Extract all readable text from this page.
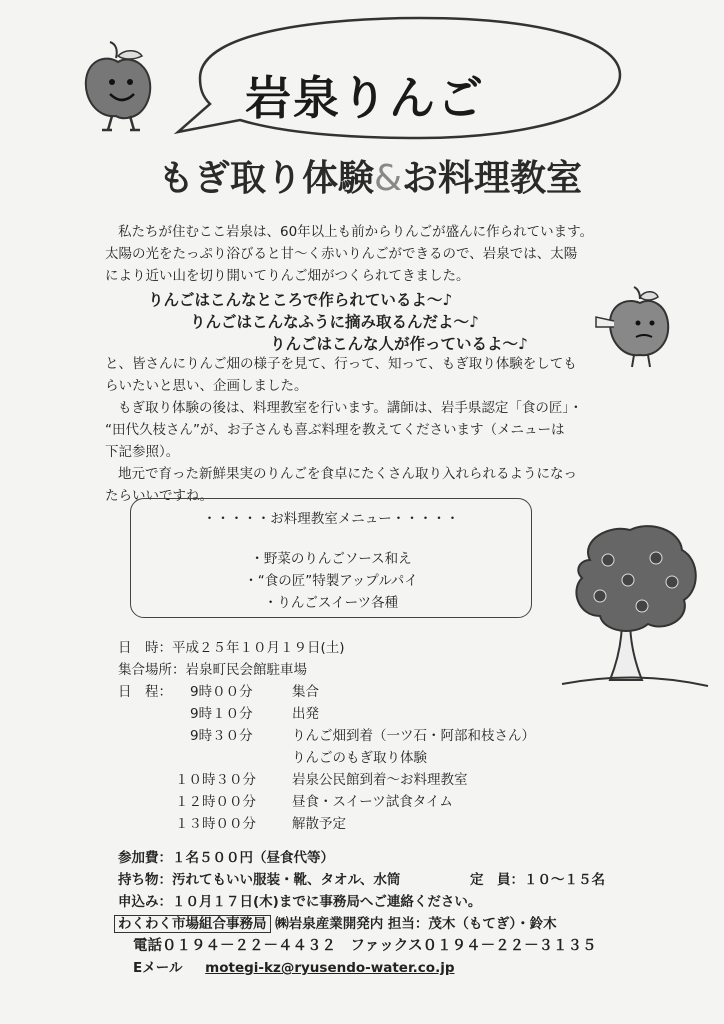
岩泉りんご
もぎ取り体験&お料理教室
私たちが住むここ岩泉は、60年以上も前からりんごが盛んに作られています。
太陽の光をたっぷり浴びると甘～く赤いりんごができるので、岩泉では、太陽
により近い山を切り開いてりんご畑がつくられてきました。
りんごはこんなところで作られているよ～♪
りんごはこんなふうに摘み取るんだよ～♪
りんごはこんな人が作っているよ～♪
と、皆さんにりんご畑の様子を見て、行って、知って、もぎ取り体験をしても
らいたいと思い、企画しました。
もぎ取り体験の後は、料理教室を行います。講師は、岩手県認定「食の匠」・
“田代久枝さん”が、お子さんも喜ぶ料理を教えてくださいます（メニューは
下記参照）。
地元で育った新鮮果実のりんごを食卓にたくさん取り入れられるようになっ
たらいいですね。
・・・・・お料理教室メニュー・・・・・
・野菜のりんごソース和え
・“食の匠”特製アップルパイ
・りんごスイーツ各種
日　時：平成２５年１０月１９日(土)
集合場所：岩泉町民会館駐車場
日　程： 9時００分	集合
9時１０分	出発
9時３０分	りんご畑到着（一ツ石・阿部和枝さん）
りんごのもぎ取り体験
１０時３０分	岩泉公民館到着～お料理教室
１２時００分	昼食・スイーツ試食タイム
１３時００分	解散予定
参加費：１名５００円（昼食代等）
持ち物：汚れてもいい服装・靴、タオル、水筒	定　員：１０～１５名
申込み：１０月１７日(木)までに事務局へご連絡ください。
わくわく市場組合事務局 ㈱岩泉産業開発内 担当：茂木（もてぎ）・鈴木
電話０１９４－２２－４４３２　ファックス０１９４－２２－３１３５
Eメール motegi-kz@ryusendo-water.co.jp
